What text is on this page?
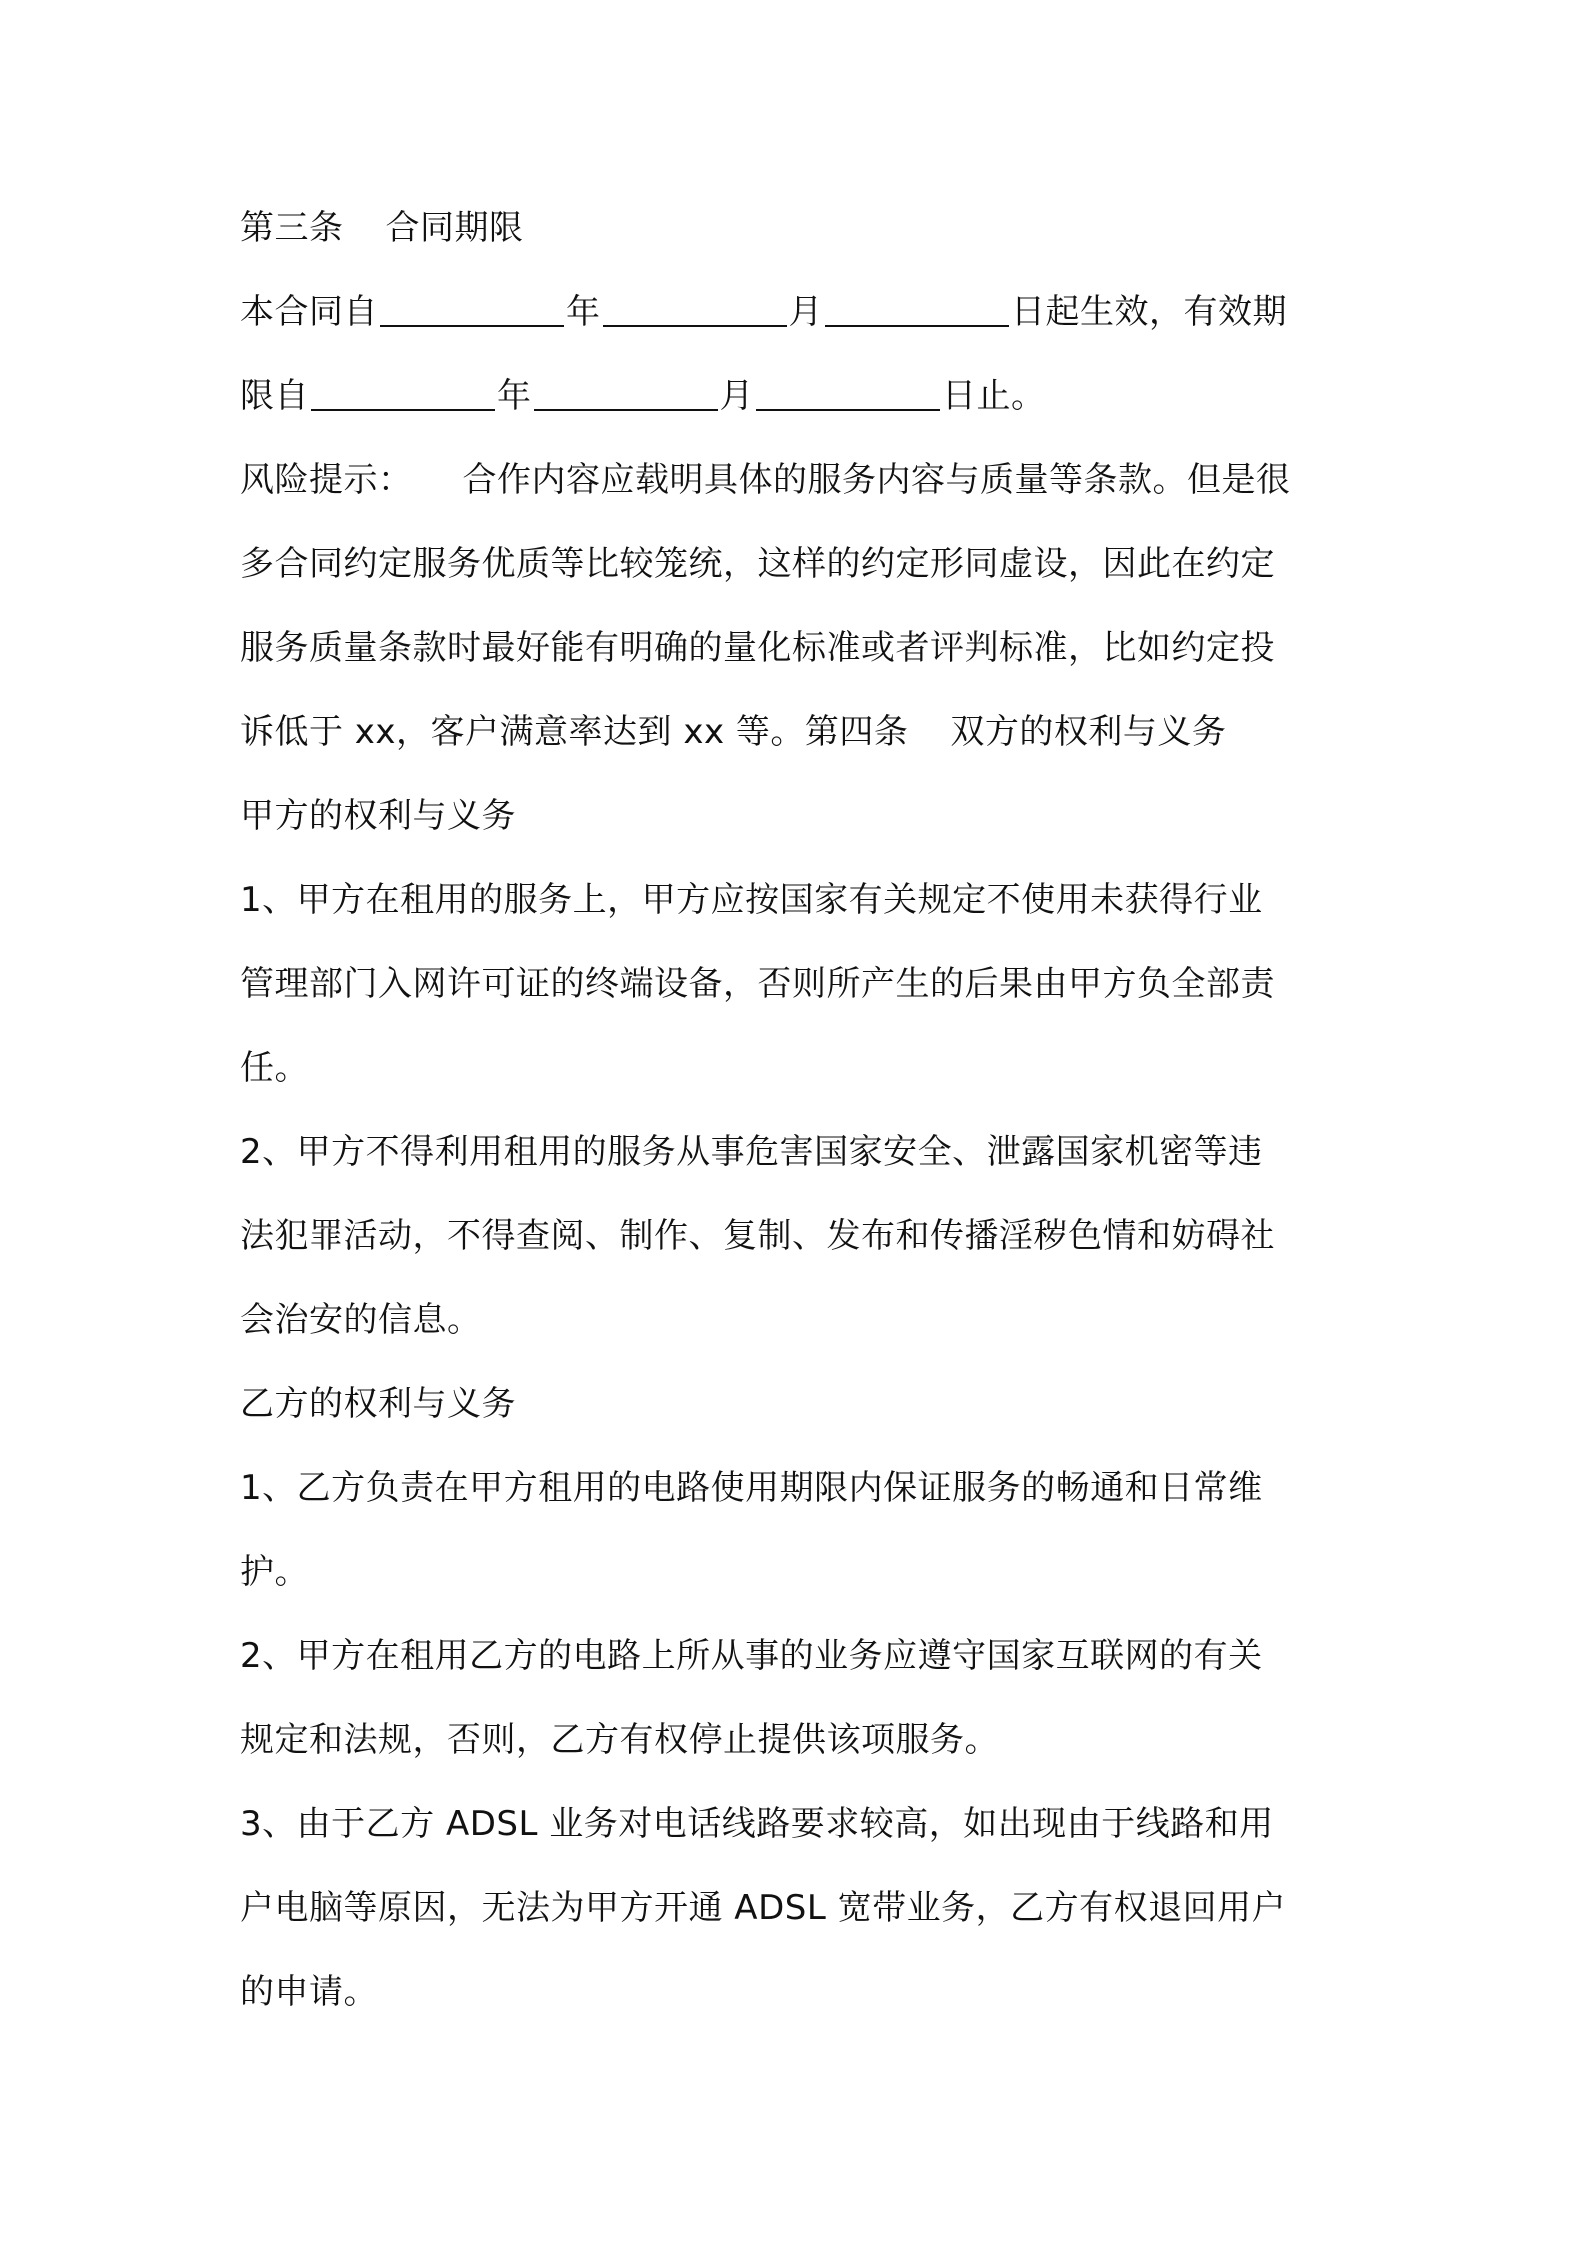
第三条 合同期限
本合同自	年	月	日起生效，有效期
限自	年	月	日止。
风险提示： 合作内容应载明具体的服务内容与质量等条款。但是很
多合同约定服务优质等比较笼统，这样的约定形同虚设，因此在约定
服务质量条款时最好能有明确的量化标准或者评判标准，比如约定投
诉低于 xx，客户满意率达到 xx 等。第四条 双方的权利与义务
甲方的权利与义务
1、甲方在租用的服务上，甲方应按国家有关规定不使用未获得行业
管理部门入网许可证的终端设备，否则所产生的后果由甲方负全部责
任。
2、甲方不得利用租用的服务从事危害国家安全、泄露国家机密等违
法犯罪活动，不得查阅、制作、复制、发布和传播淫秽色情和妨碍社
会治安的信息。
乙方的权利与义务
1、乙方负责在甲方租用的电路使用期限内保证服务的畅通和日常维
护。
2、甲方在租用乙方的电路上所从事的业务应遵守国家互联网的有关
规定和法规，否则，乙方有权停止提供该项服务。
3、由于乙方 ADSL 业务对电话线路要求较高，如出现由于线路和用
户电脑等原因，无法为甲方开通 ADSL 宽带业务，乙方有权退回用户
的申请。
